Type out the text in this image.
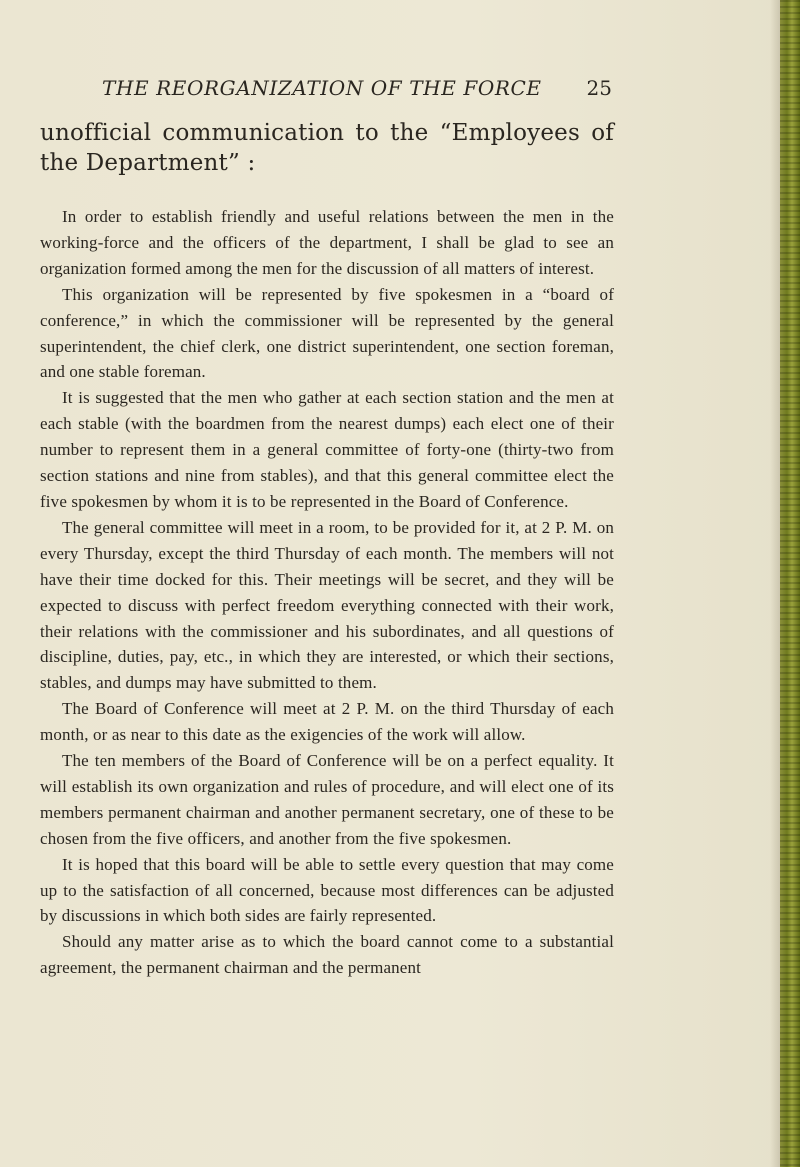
THE REORGANIZATION OF THE FORCE 25

unofficial communication to the “Employees of the Department” :

In order to establish friendly and useful relations between the men in the working-force and the officers of the department, I shall be glad to see an organization formed among the men for the discussion of all matters of interest.

This organization will be represented by five spokesmen in a “board of conference,” in which the commissioner will be represented by the general superintendent, the chief clerk, one district superintendent, one section foreman, and one stable foreman.

It is suggested that the men who gather at each section station and the men at each stable (with the boardmen from the nearest dumps) each elect one of their number to represent them in a general committee of forty-one (thirty-two from section stations and nine from stables), and that this general committee elect the five spokesmen by whom it is to be represented in the Board of Conference.

The general committee will meet in a room, to be provided for it, at 2 P. M. on every Thursday, except the third Thursday of each month. The members will not have their time docked for this. Their meetings will be secret, and they will be expected to discuss with perfect freedom everything connected with their work, their relations with the commissioner and his subordinates, and all questions of discipline, duties, pay, etc., in which they are interested, or which their sections, stables, and dumps may have submitted to them.

The Board of Conference will meet at 2 P. M. on the third Thursday of each month, or as near to this date as the exigencies of the work will allow.

The ten members of the Board of Conference will be on a perfect equality. It will establish its own organization and rules of procedure, and will elect one of its members permanent chairman and another permanent secretary, one of these to be chosen from the five officers, and another from the five spokesmen.

It is hoped that this board will be able to settle every question that may come up to the satisfaction of all concerned, because most differences can be adjusted by discussions in which both sides are fairly represented.

Should any matter arise as to which the board cannot come to a substantial agreement, the permanent chairman and the permanent
